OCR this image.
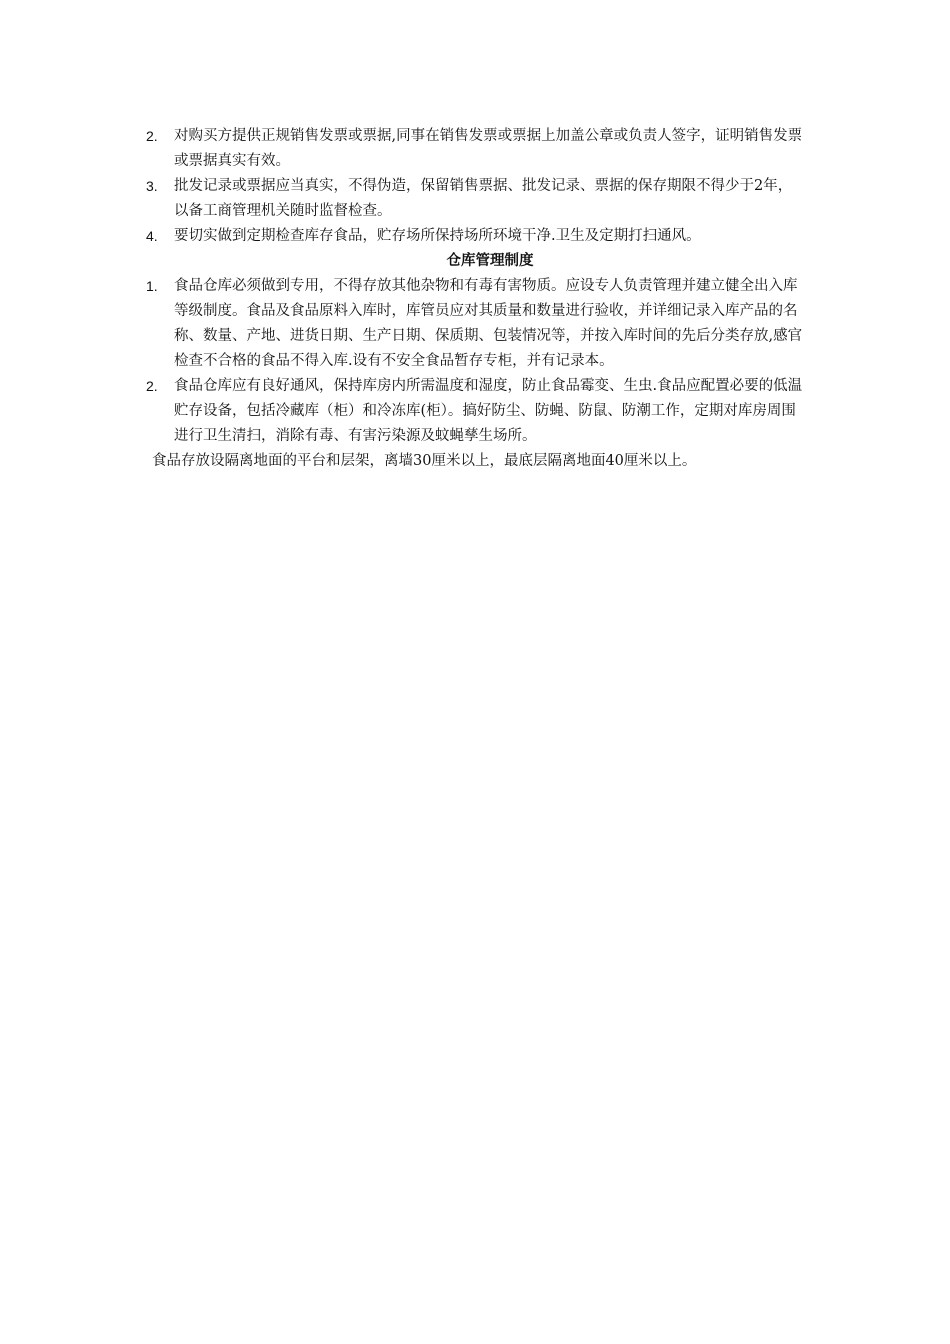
2. 对购买方提供正规销售发票或票据,同事在销售发票或票据上加盖公章或负责人签字，证明销售发票或票据真实有效。
3. 批发记录或票据应当真实，不得伪造，保留销售票据、批发记录、票据的保存期限不得少于2年，以备工商管理机关随时监督检查。
4. 要切实做到定期检查库存食品，贮存场所保持场所环境干净.卫生及定期打扫通风。

仓库管理制度

1. 食品仓库必须做到专用，不得存放其他杂物和有毒有害物质。应设专人负责管理并建立健全出入库等级制度。食品及食品原料入库时，库管员应对其质量和数量进行验收，并详细记录入库产品的名称、数量、产地、进货日期、生产日期、保质期、包装情况等，并按入库时间的先后分类存放,感官检查不合格的食品不得入库.设有不安全食品暂存专柜，并有记录本。
2. 食品仓库应有良好通风，保持库房内所需温度和湿度，防止食品霉变、生虫.食品应配置必要的低温贮存设备，包括冷藏库（柜）和冷冻库(柜）。搞好防尘、防蝇、防鼠、防潮工作，定期对库房周围进行卫生清扫，消除有毒、有害污染源及蚊蝇孳生场所。

食品存放设隔离地面的平台和层架，离墙30厘米以上，最底层隔离地面40厘米以上。
